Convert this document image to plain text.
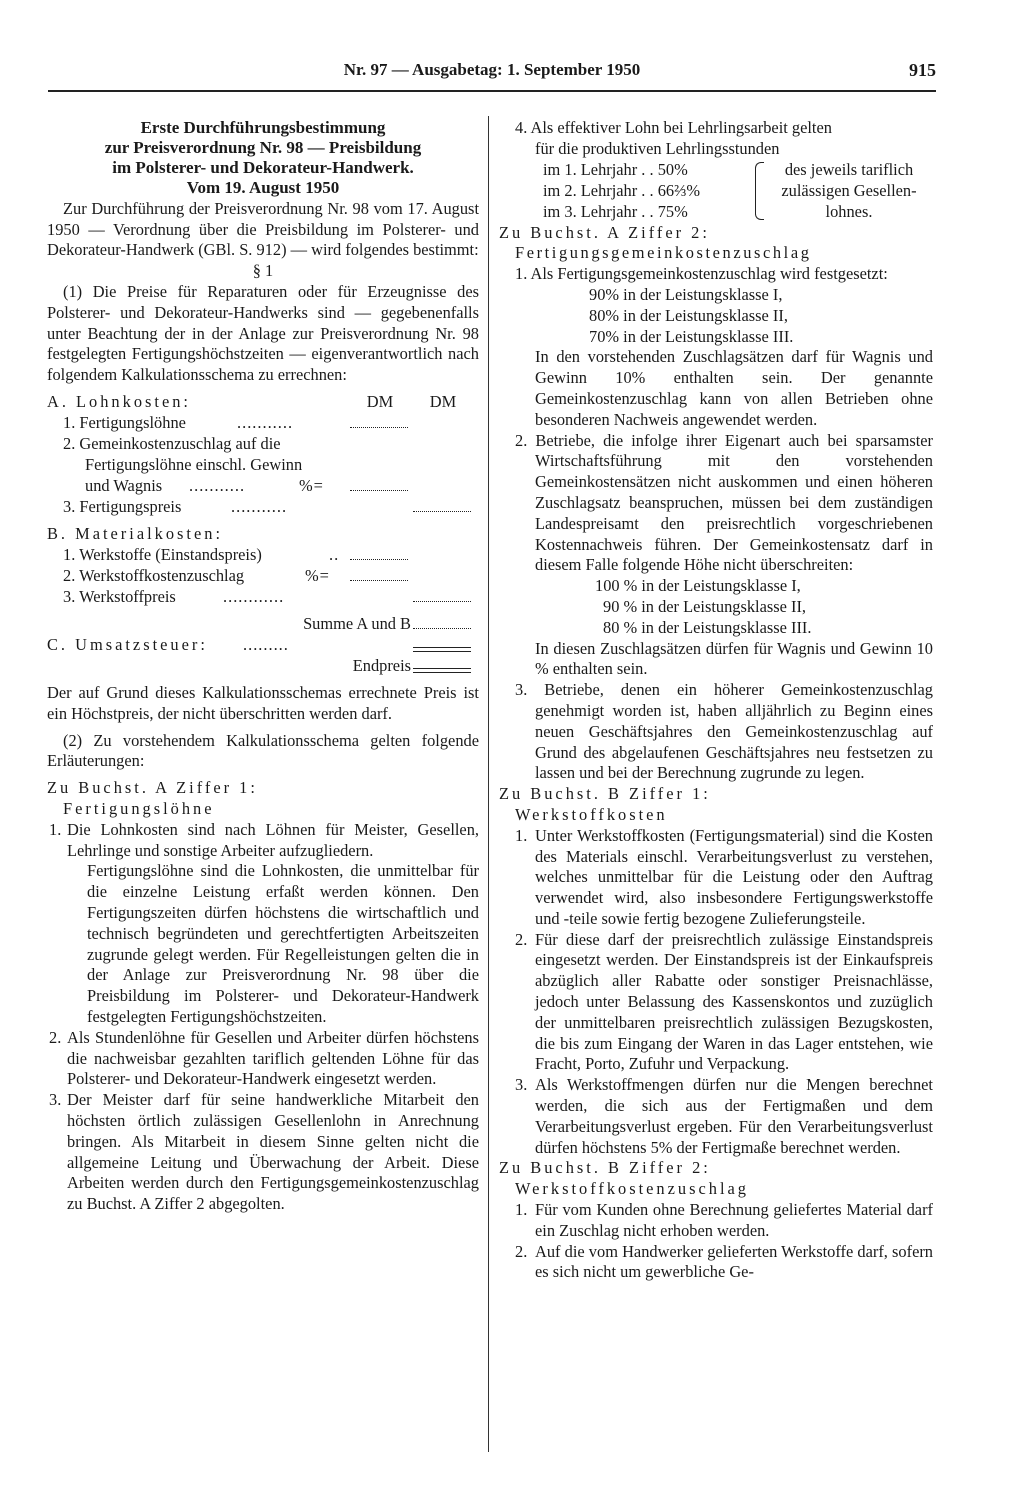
Nr. 97 — Ausgabetag: 1. September 1950	915

Erste Durchführungsbestimmung

zur Preisverordnung Nr. 98 — Preisbildung

im Polsterer- und Dekorateur-Handwerk.

Vom 19. August 1950

Zur Durchführung der Preisverordnung Nr. 98 vom 17. August 1950 — Verordnung über die Preisbildung im Polsterer- und Dekorateur-Handwerk (GBl. S. 912) — wird folgendes bestimmt:

§ 1

(1) Die Preise für Reparaturen oder für Erzeugnisse des Polsterer- und Dekorateur-Handwerks sind — gegebenenfalls unter Beachtung der in der Anlage zur Preisverordnung Nr. 98 festgelegten Fertigungshöchstzeiten — eigenverantwortlich nach folgendem Kalkulationsschema zu errechnen:

A. Lohnkosten:	DM	DM
1. Fertigungslöhne	...........
2. Gemeinkostenzuschlag auf die
Fertigungslöhne einschl. Gewinn
und Wagnis ...........	%=
3. Fertigungspreis	...........
B. Materialkosten:
1. Werkstoffe (Einstandspreis)	..
2. Werkstoffkostenzuschlag	%=
3. Werkstoffpreis	............
Summe A und B
C. Umsatzsteuer: .........
Endpreis

Der auf Grund dieses Kalkulationsschemas errechnete Preis ist ein Höchstpreis, der nicht überschritten werden darf.

(2) Zu vorstehendem Kalkulationsschema gelten folgende Erläuterungen:

Zu Buchst. A Ziffer 1:

Fertigungslöhne

1. Die Lohnkosten sind nach Löhnen für Meister, Gesellen, Lehrlinge und sonstige Arbeiter aufzugliedern.
Fertigungslöhne sind die Lohnkosten, die unmittelbar für die einzelne Leistung erfaßt werden können. Den Fertigungszeiten dürfen höchstens die wirtschaftlich und technisch begründeten und gerechtfertigten Arbeitszeiten zugrunde gelegt werden. Für Regelleistungen gelten die in der Anlage zur Preisverordnung Nr. 98 über die Preisbildung im Polsterer- und Dekorateur-Handwerk festgelegten Fertigungshöchstzeiten.
2. Als Stundenlöhne für Gesellen und Arbeiter dürfen höchstens die nachweisbar gezahlten tariflich geltenden Löhne für das Polsterer- und Dekorateur-Handwerk eingesetzt werden.
3. Der Meister darf für seine handwerkliche Mitarbeit den höchsten örtlich zulässigen Gesellenlohn in Anrechnung bringen. Als Mitarbeit in diesem Sinne gelten nicht die allgemeine Leitung und Überwachung der Arbeit. Diese Arbeiten werden durch den Fertigungsgemeinkostenzuschlag zu Buchst. A Ziffer 2 abgegolten.

4. Als effektiver Lohn bei Lehrlingsarbeit gelten

für die produktiven Lehrlingsstunden

im 1. Lehrjahr . . 50%
im 2. Lehrjahr . . 66⅔%
im 3. Lehrjahr . . 75%
des jeweils tariflich
zulässigen Gesellen-
lohnes.

Zu Buchst. A Ziffer 2:

Fertigungsgemeinkostenzuschlag

1. Als Fertigungsgemeinkostenzuschlag wird festgesetzt:

90% in der Leistungsklasse I,

80% in der Leistungsklasse II,

70% in der Leistungsklasse III.

In den vorstehenden Zuschlagsätzen darf für Wagnis und Gewinn 10% enthalten sein. Der genannte Gemeinkostenzuschlag kann von allen Betrieben ohne besonderen Nachweis angewendet werden.

2. Betriebe, die infolge ihrer Eigenart auch bei sparsamster Wirtschaftsführung mit den vorstehenden Gemeinkostensätzen nicht auskommen und einen höheren Zuschlagsatz beanspruchen, müssen bei dem zuständigen Landespreisamt den preisrechtlich vorgeschriebenen Kostennachweis führen. Der Gemeinkostensatz darf in diesem Falle folgende Höhe nicht überschreiten:

100 % in der Leistungsklasse I,

90 % in der Leistungsklasse II,

80 % in der Leistungsklasse III.

In diesen Zuschlagsätzen dürfen für Wagnis und Gewinn 10 % enthalten sein.

3. Betriebe, denen ein höherer Gemeinkostenzuschlag genehmigt worden ist, haben alljährlich zu Beginn eines neuen Geschäftsjahres den Gemeinkostenzuschlag auf Grund des abgelaufenen Geschäftsjahres neu festsetzen zu lassen und bei der Berechnung zugrunde zu legen.

Zu Buchst. B Ziffer 1:

Werkstoffkosten

1. Unter Werkstoffkosten (Fertigungsmaterial) sind die Kosten des Materials einschl. Verarbeitungsverlust zu verstehen, welches unmittelbar für die Leistung oder den Auftrag verwendet wird, also insbesondere Fertigungswerkstoffe und -teile sowie fertig bezogene Zulieferungsteile.
2. Für diese darf der preisrechtlich zulässige Einstandspreis eingesetzt werden. Der Einstandspreis ist der Einkaufspreis abzüglich aller Rabatte oder sonstiger Preisnachlässe, jedoch unter Belassung des Kassenskontos und zuzüglich der unmittelbaren preisrechtlich zulässigen Bezugskosten, die bis zum Eingang der Waren in das Lager entstehen, wie Fracht, Porto, Zufuhr und Verpackung.
3. Als Werkstoffmengen dürfen nur die Mengen berechnet werden, die sich aus der Fertigmaßen und dem Verarbeitungsverlust ergeben. Für den Verarbeitungsverlust dürfen höchstens 5% der Fertigmaße berechnet werden.

Zu Buchst. B Ziffer 2:

Werkstoffkostenzuschlag

1. Für vom Kunden ohne Berechnung geliefertes Material darf ein Zuschlag nicht erhoben werden.
2. Auf die vom Handwerker gelieferten Werkstoffe darf, sofern es sich nicht um gewerbliche Ge-
